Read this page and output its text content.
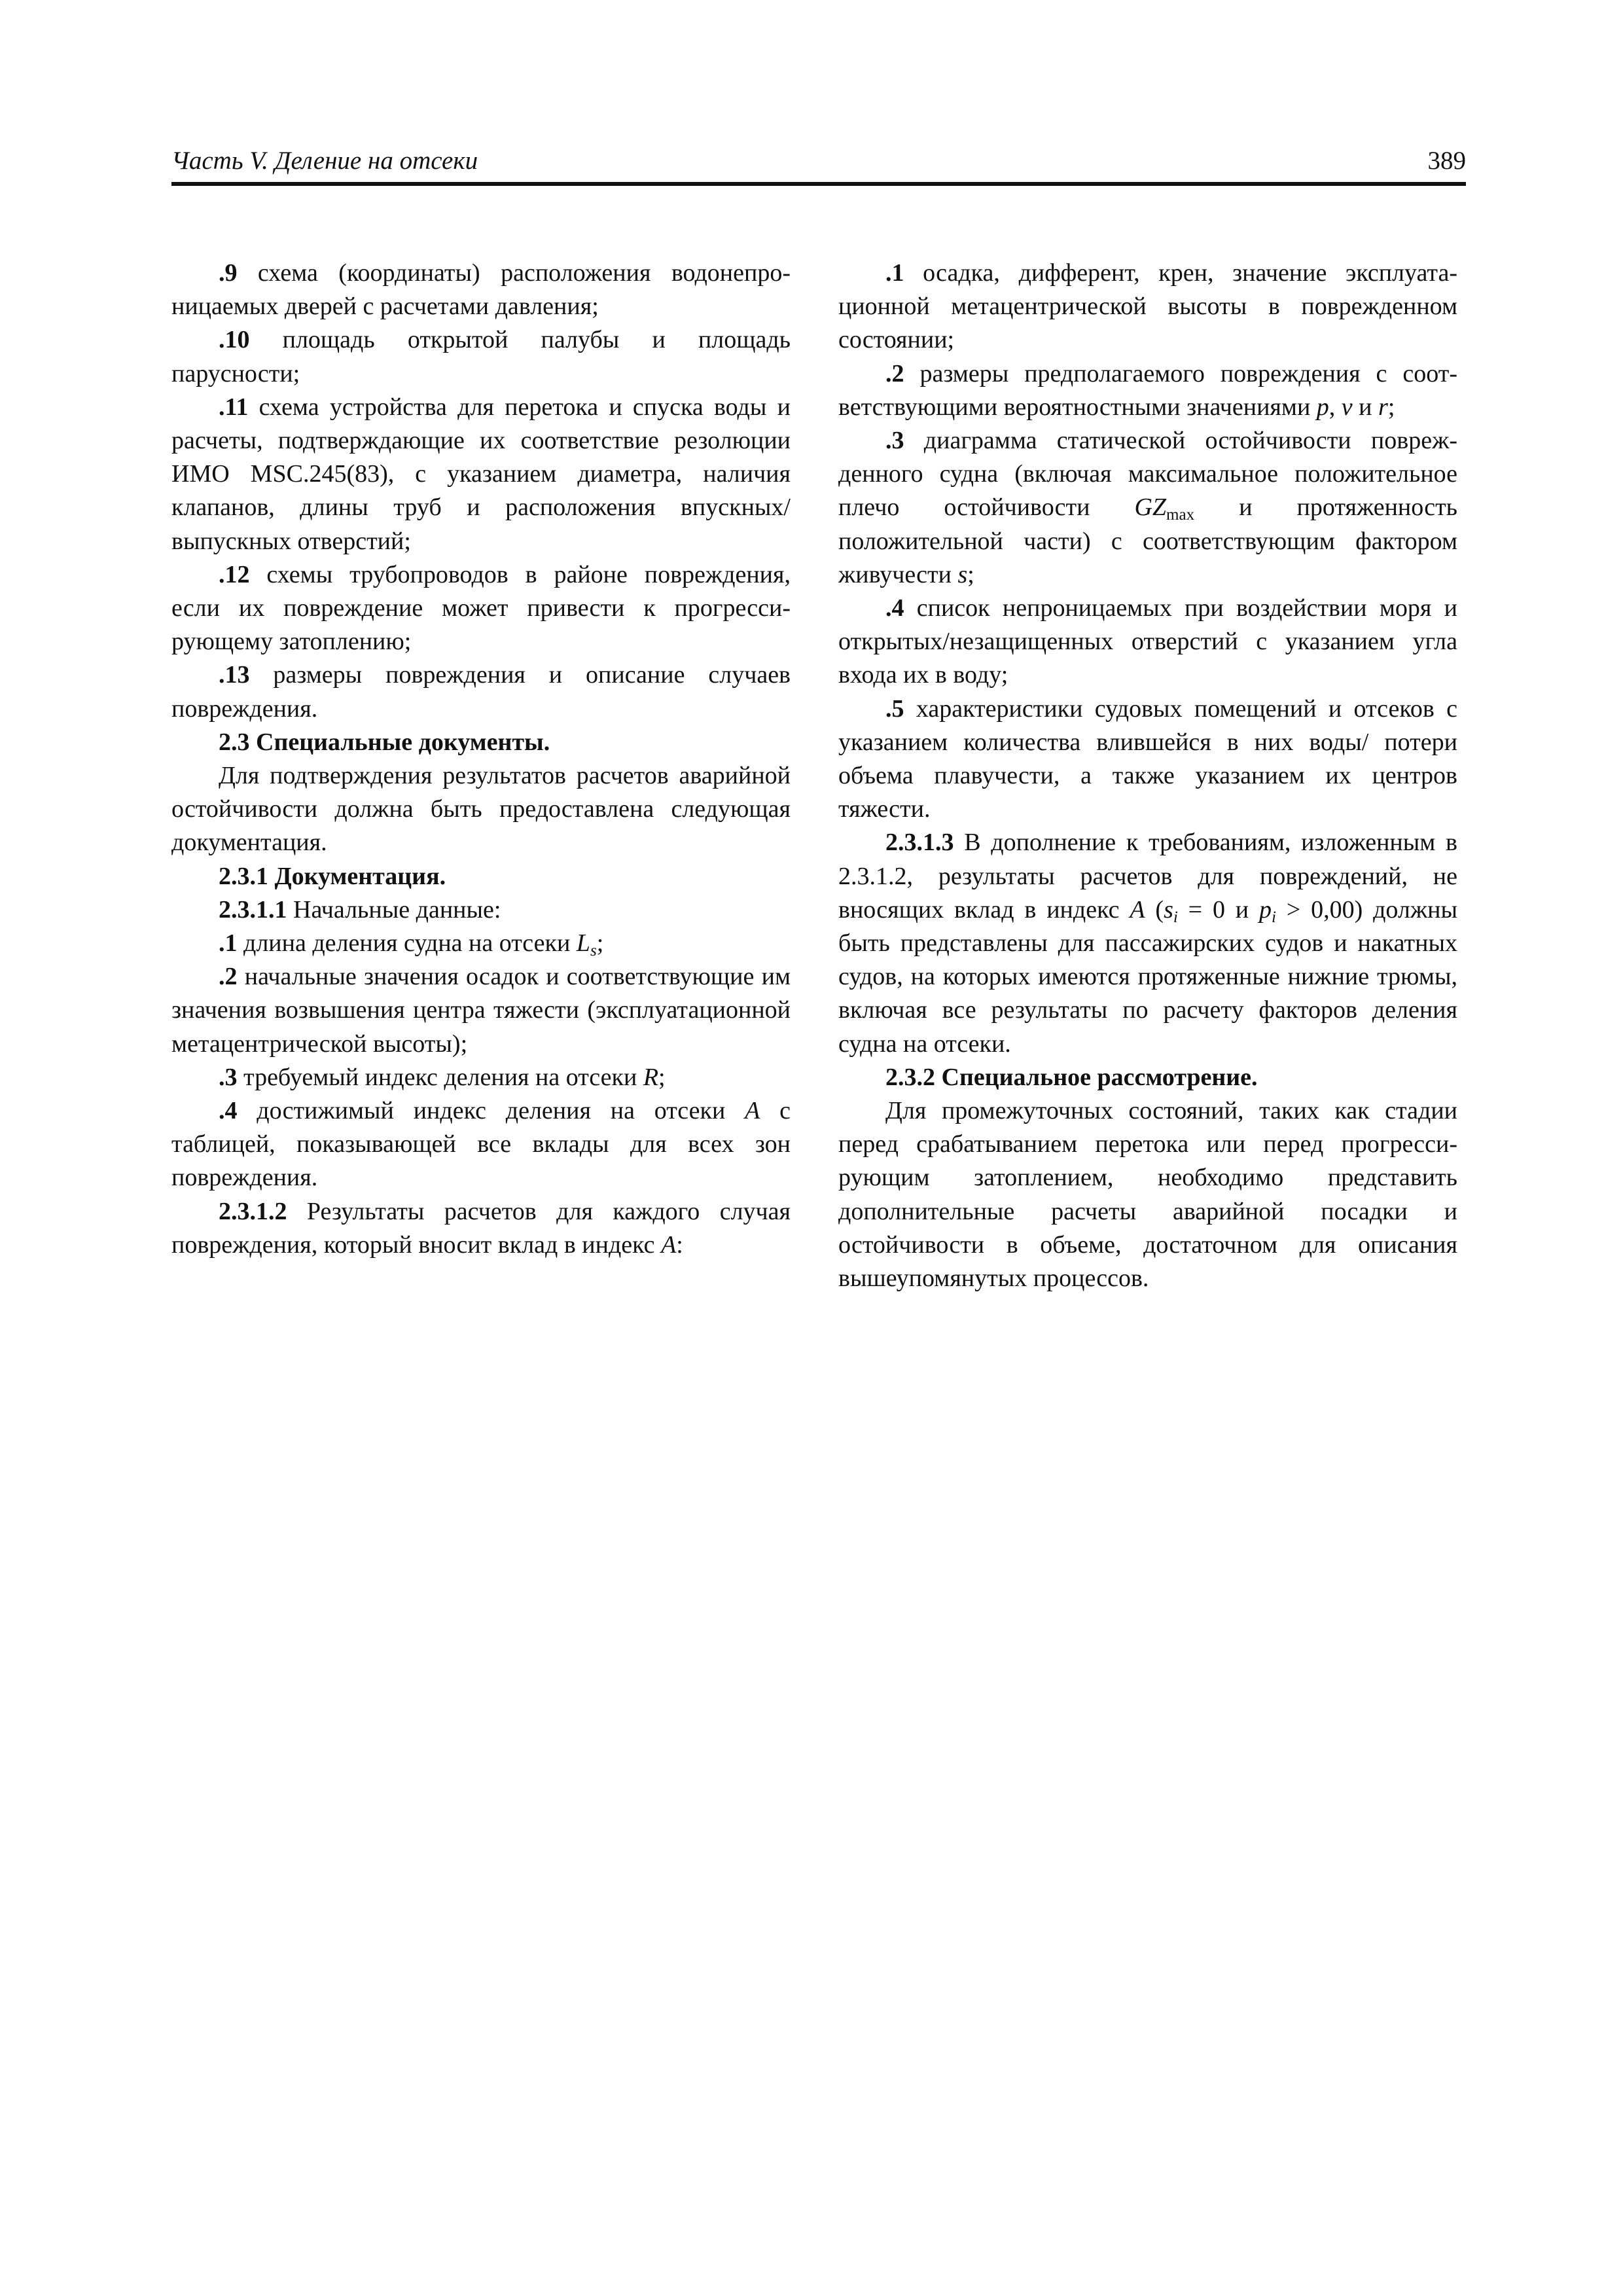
Часть V. Деление на отсеки	389

.9 схема (координаты) расположения водонепроницаемых дверей с расчетами давления;

.10 площадь открытой палубы и площадь парусности;

.11 схема устройства для перетока и спуска воды и расчеты, подтверждающие их соответствие резолюции ИМО MSC.245(83), с указанием диаметра, наличия клапанов, длины труб и расположения впускных/выпускных отверстий;

.12 схемы трубопроводов в районе повреждения, если их повреждение может привести к прогрессирующему затоплению;

.13 размеры повреждения и описание случаев повреждения.

2.3 Специальные документы.

Для подтверждения результатов расчетов аварийной остойчивости должна быть предоставлена следующая документация.

2.3.1 Документация.

2.3.1.1 Начальные данные:

.1 длина деления судна на отсеки $L_s$;

.2 начальные значения осадок и соответствующие им значения возвышения центра тяжести (эксплуатационной метацентрической высоты);

.3 требуемый индекс деления на отсеки R;

.4 достижимый индекс деления на отсеки A с таблицей, показывающей все вклады для всех зон повреждения.

2.3.1.2 Результаты расчетов для каждого случая повреждения, который вносит вклад в индекс A:

.1 осадка, дифферент, крен, значение эксплуатационной метацентрической высоты в поврежденном состоянии;

.2 размеры предполагаемого повреждения с соответствующими вероятностными значениями p, v и r;

.3 диаграмма статической остойчивости поврежденного судна (включая максимальное положительное плечо остойчивости $GZ_{max}$ и протяженность положительной части) с соответствующим фактором живучести s;

.4 список непроницаемых при воздействии моря и открытых/незащищенных отверстий с указанием угла входа их в воду;

.5 характеристики судовых помещений и отсеков с указанием количества влившейся в них воды/ потери объема плавучести, а также указанием их центров тяжести.

2.3.1.3 В дополнение к требованиям, изложенным в 2.3.1.2, результаты расчетов для повреждений, не вносящих вклад в индекс A ($s_i = 0$ и $p_i > 0,00$) должны быть представлены для пассажирских судов и накатных судов, на которых имеются протяженные нижние трюмы, включая все результаты по расчету факторов деления судна на отсеки.

2.3.2 Специальное рассмотрение.

Для промежуточных состояний, таких как стадии перед срабатыванием перетока или перед прогрессирующим затоплением, необходимо представить дополнительные расчеты аварийной посадки и остойчивости в объеме, достаточном для описания вышеупомянутых процессов.
